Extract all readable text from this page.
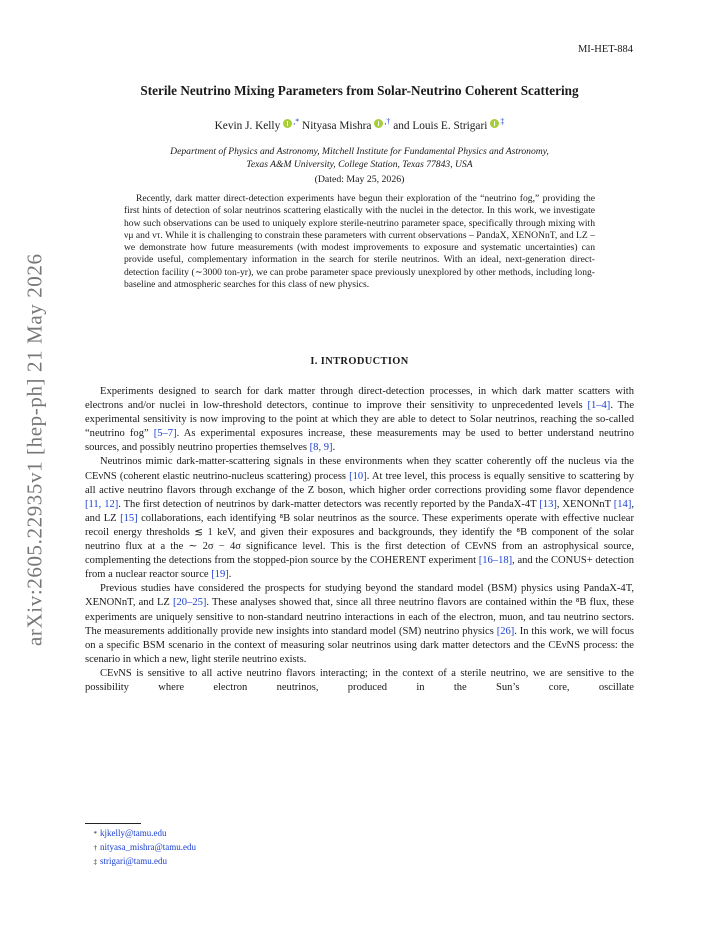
MI-HET-884
arXiv:2605.22935v1 [hep-ph] 21 May 2026
Sterile Neutrino Mixing Parameters from Solar-Neutrino Coherent Scattering
Kevin J. Kelly ,* Nityasa Mishra ,† and Louis E. Strigari ‡
Department of Physics and Astronomy, Mitchell Institute for Fundamental Physics and Astronomy,
Texas A&M University, College Station, Texas 77843, USA
(Dated: May 25, 2026)
Recently, dark matter direct-detection experiments have begun their exploration of the “neutrino fog,” providing the first hints of detection of solar neutrinos scattering elastically with the nuclei in the detector. In this work, we investigate how such observations can be used to uniquely explore sterile-neutrino parameter space, specifically through mixing with νμ and ντ. While it is challenging to constrain these parameters with current observations – PandaX, XENONnT, and LZ – we demonstrate how future measurements (with modest improvements to exposure and systematic uncertainties) can provide useful, complementary information in the search for sterile neutrinos. With an ideal, next-generation direct-detection facility (∼3000 ton-yr), we can probe parameter space previously unexplored by other methods, including long-baseline and atmospheric searches for this class of new physics.
I. INTRODUCTION

Experiments designed to search for dark matter through direct-detection processes, in which dark matter scatters with electrons and/or nuclei in low-threshold detectors, continue to improve their sensitivity to unprecedented levels [1–4]. The experimental sensitivity is now improving to the point at which they are able to detect to Solar neutrinos, reaching the so-called “neutrino fog” [5–7]. As experimental exposures increase, these measurements may be used to better understand neutrino sources, and possibly neutrino properties themselves [8, 9].

Neutrinos mimic dark-matter-scattering signals in these environments when they scatter coherently off the nucleus via the CEνNS (coherent elastic neutrino-nucleus scattering) process [10]. At tree level, this process is equally sensitive to scattering by all active neutrino flavors through exchange of the Z boson, which higher order corrections providing some flavor dependence [11, 12]. The first detection of neutrinos by dark-matter detectors was recently reported by the PandaX-4T [13], XENONnT [14], and LZ [15] collaborations, each identifying ⁸B solar neutrinos as the source. These experiments operate with effective nuclear recoil energy thresholds ≲ 1 keV, and given their exposures and backgrounds, they identify the ⁸B component of the solar neutrino flux at a the ∼ 2σ − 4σ significance level. This is the first detection of CEνNS from an astrophysical source, complementing the detections from the stopped-pion source by the COHERENT experiment [16–18], and the CONUS+ detection from a nuclear reactor source [19].

Previous studies have considered the prospects for studying beyond the standard model (BSM) physics using PandaX-4T, XENONnT, and LZ [20–25]. These analyses showed that, since all three neutrino flavors are contained within the ⁸B flux, these experiments are uniquely sensitive to non-standard neutrino interactions in each of the electron, muon, and tau neutrino sectors. The measurements additionally provide new insights into standard model (SM) neutrino physics [26]. In this work, we will focus on a specific BSM scenario in the context of measuring solar neutrinos using dark matter detectors and the CEνNS process: the scenario in which a new, light sterile neutrino exists.

CEνNS is sensitive to all active neutrino flavors interacting; in the context of a sterile neutrino, we are sensitive to the possibility where electron neutrinos, produced in the Sun’s core, oscillate

* kjkelly@tamu.edu
† nityasa_mishra@tamu.edu
‡ strigari@tamu.edu
